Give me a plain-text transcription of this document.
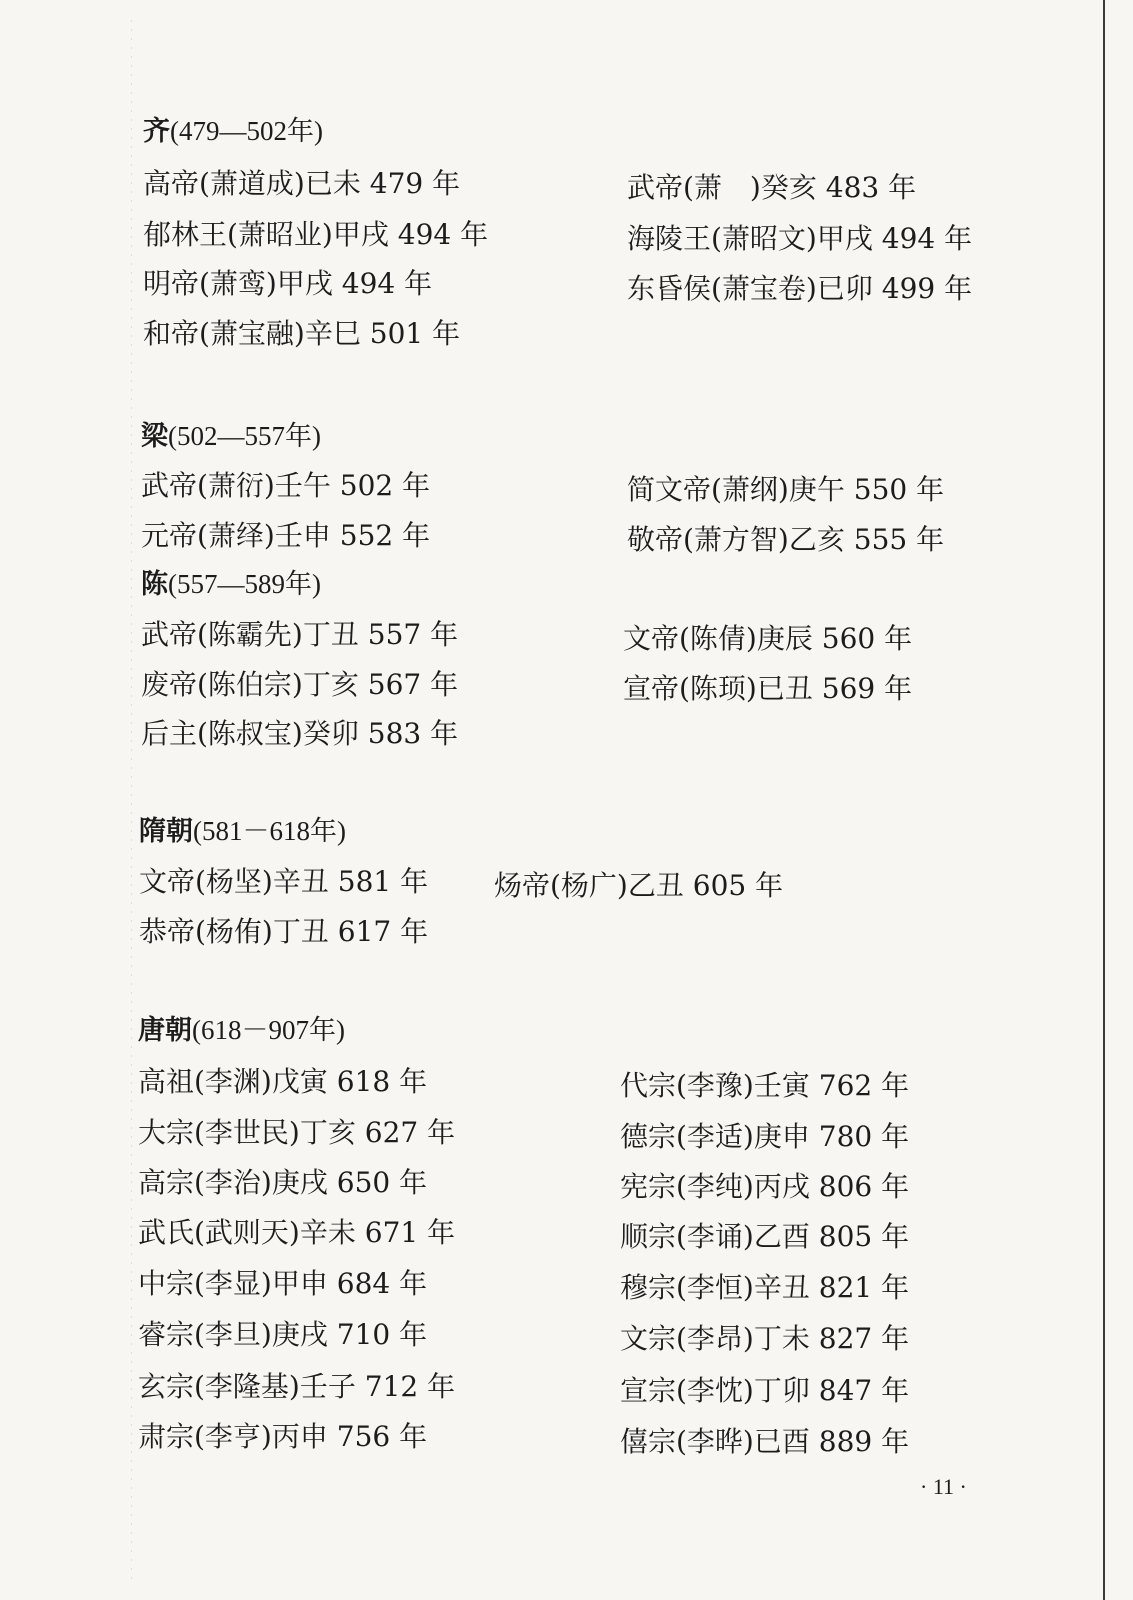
齐(479—502年)
高帝(萧道成)已未 479 年	武帝(萧　)癸亥 483 年
郁林王(萧昭业)甲戌 494 年	海陵王(萧昭文)甲戌 494 年
明帝(萧鸾)甲戌 494 年	东昏侯(萧宝卷)已卯 499 年
和帝(萧宝融)辛巳 501 年
梁(502—557年)
武帝(萧衍)壬午 502 年	简文帝(萧纲)庚午 550 年
元帝(萧绎)壬申 552 年	敬帝(萧方智)乙亥 555 年
陈(557—589年)
武帝(陈霸先)丁丑 557 年	文帝(陈倩)庚辰 560 年
废帝(陈伯宗)丁亥 567 年	宣帝(陈顼)已丑 569 年
后主(陈叔宝)癸卯 583 年
隋朝(581－618年)
文帝(杨坚)辛丑 581 年 炀帝(杨广)乙丑 605 年
恭帝(杨侑)丁丑 617 年
唐朝(618－907年)
高祖(李渊)戊寅 618 年	代宗(李豫)壬寅 762 年
大宗(李世民)丁亥 627 年	德宗(李适)庚申 780 年
高宗(李治)庚戌 650 年	宪宗(李纯)丙戌 806 年
武氏(武则天)辛未 671 年	顺宗(李诵)乙酉 805 年
中宗(李显)甲申 684 年	穆宗(李恒)辛丑 821 年
睿宗(李旦)庚戌 710 年	文宗(李昂)丁未 827 年
玄宗(李隆基)壬子 712 年	宣宗(李忱)丁卯 847 年
肃宗(李亨)丙申 756 年	僖宗(李晔)已酉 889 年
· 11 ·
